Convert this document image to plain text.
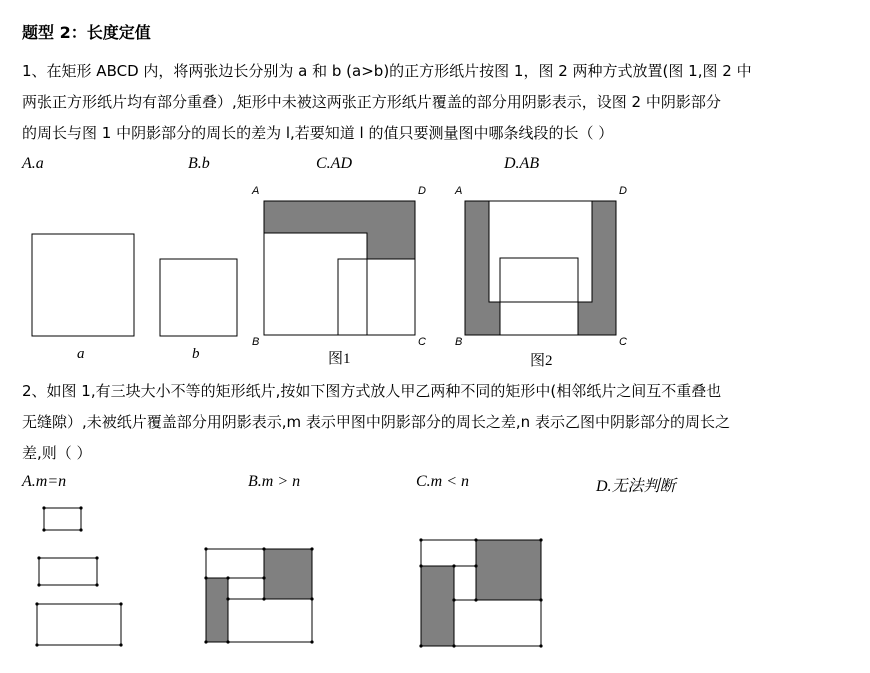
题型 2：长度定值
1、在矩形 ABCD 内，将两张边长分别为 a 和 b (a>b)的正方形纸片按图 1，图 2 两种方式放置(图 1,图 2 中
两张正方形纸片均有部分重叠）,矩形中未被这两张正方形纸片覆盖的部分用阴影表示，设图 2 中阴影部分
的周长与图 1 中阴影部分的周长的差为 l,若要知道 l 的值只要测量图中哪条线段的长（ ）
A.a	B.b	C.AD	D.AB
a	b	图1	图2
A	D
B	C
A	D
B	C
2、如图 1,有三块大小不等的矩形纸片,按如下图方式放人甲乙两种不同的矩形中(相邻纸片之间互不重叠也
无缝隙）,未被纸片覆盖部分用阴影表示,m 表示甲图中阴影部分的周长之差,n 表示乙图中阴影部分的周长之
差,则（ ）
A.m=n	B.m > n	C.m < n	D.无法判断
